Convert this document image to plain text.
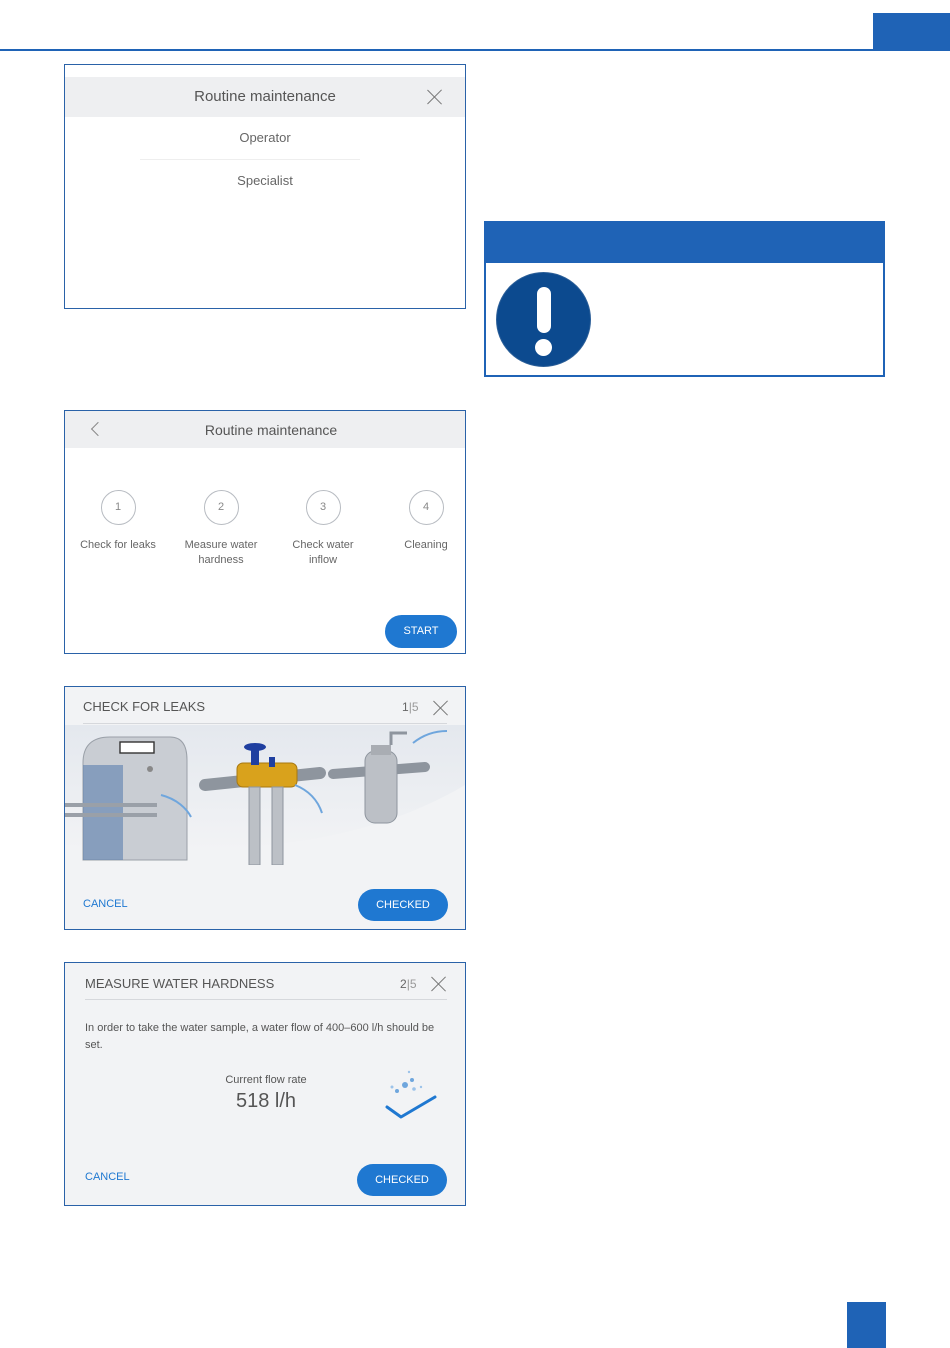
Routine maintenance
Operator
Specialist
Routine maintenance
1
Check for leaks
2
Measure water hardness
3
Check water inflow
4
Cleaning
START
CHECK FOR LEAKS	1|5
CANCEL	CHECKED
MEASURE WATER HARDNESS	2|5
In order to take the water sample, a water flow of 400–600 l/h should be set.
Current flow rate
518 l/h
CANCEL	CHECKED
